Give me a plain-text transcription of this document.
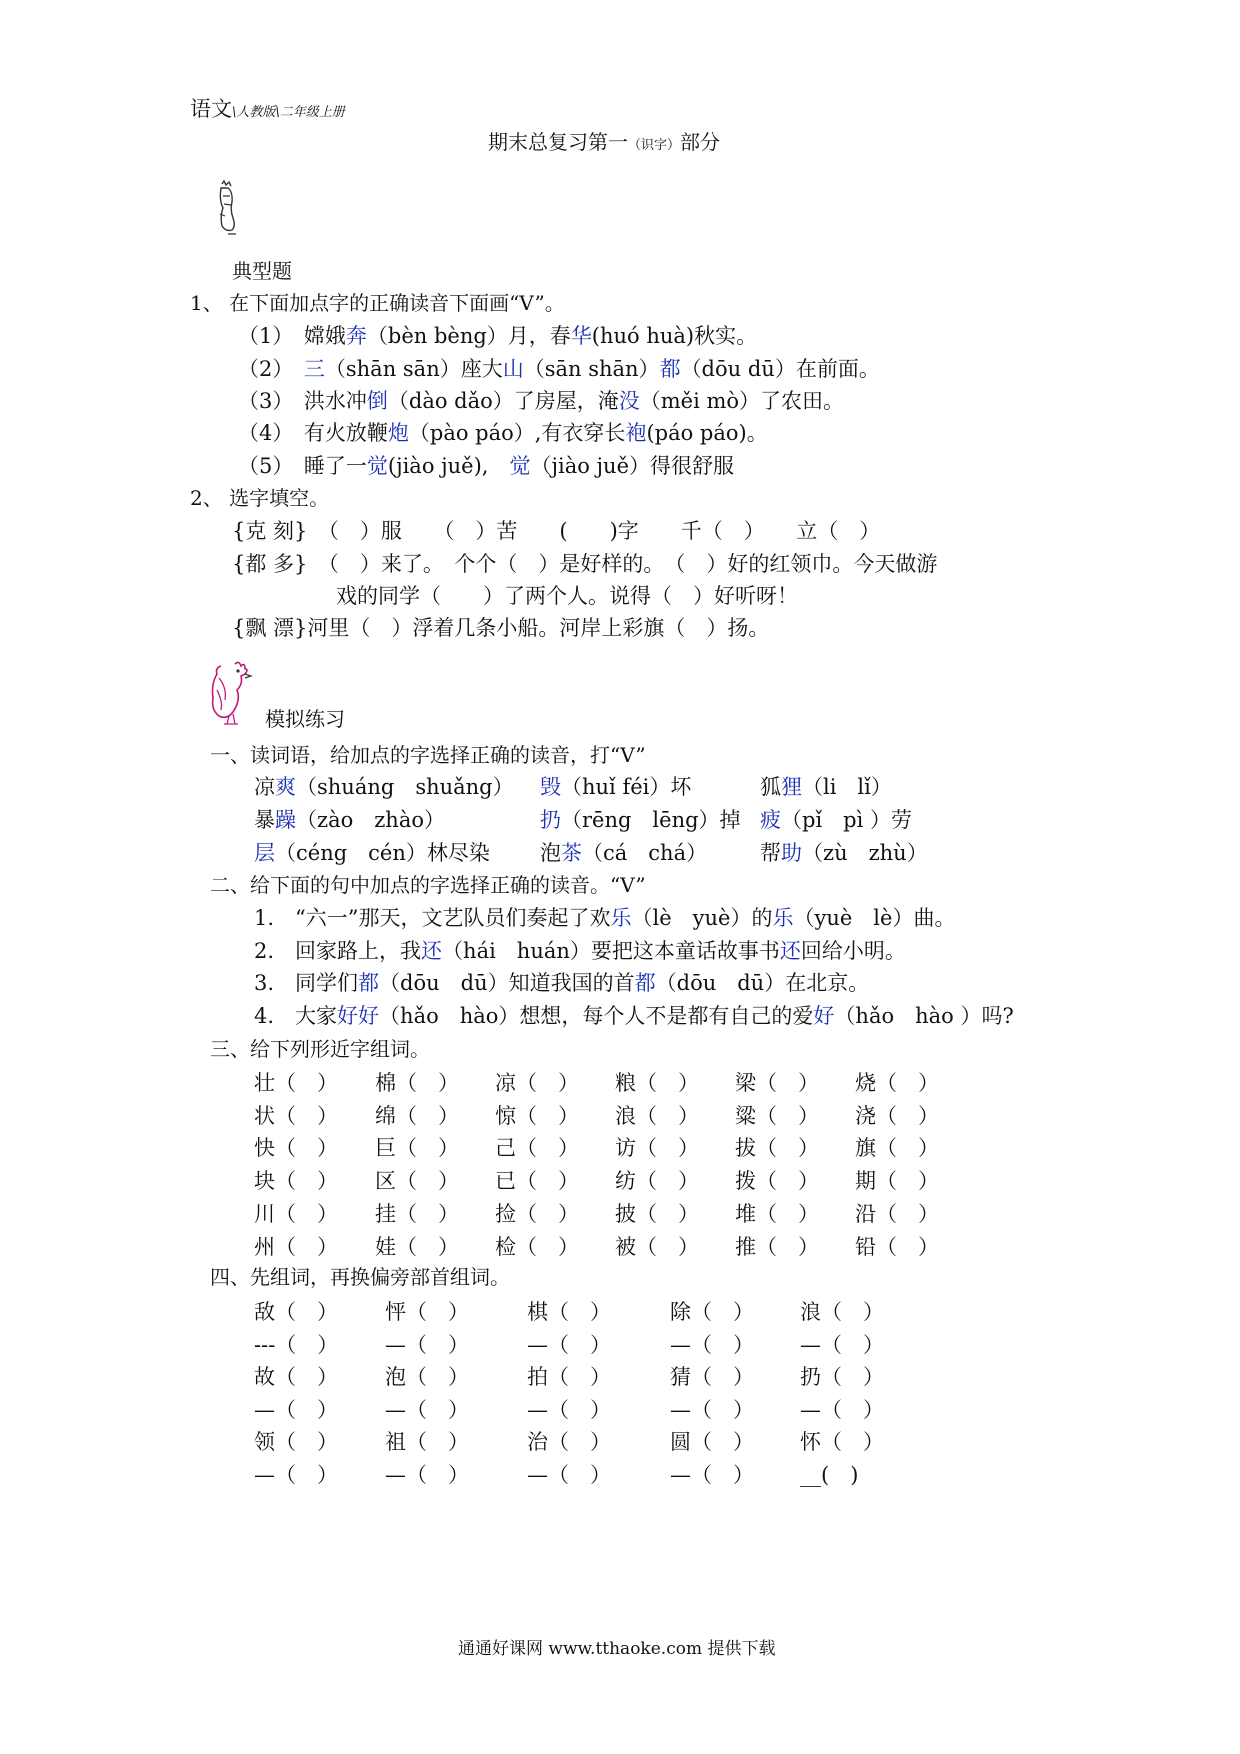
语文\人教版\二年级上册
期末总复习第一（识字）部分
典型题
1、 在下面加点字的正确读音下面画“V”。
（1）　嫦娥奔（bèn bèng）月，春华(huó huà)秋实。
（2）　 三（shān sān）座大山（sān shān）都（dōu dū）在前面。
（3）　洪水冲倒（dào dǎo）了房屋，淹没（měi mò）了农田。
（4）　有火放鞭炮（pào páo）,有衣穿长袍(páo páo)。
（5）　睡了一觉(jiào juě),　觉（jiào juě）得很舒服
2、 选字填空。
{克 刻}　（　）服　　（　）苦　　(　　)字　　千（　）　　立（　）
{都 多}　（　）来了。　个个（　）是好样的。　（　）好的红领巾。今天做游
戏的同学（　　）了两个人。说得（　）好听呀！
{飘 漂}河里（　）浮着几条小船。河岸上彩旗（　）扬。
模拟练习
一、读词语，给加点的字选择正确的读音，打“V”
凉爽（shuáng　shuǎng） 毁（huǐ féi）坏	狐狸（li　lǐ）
暴躁（zào　zhào）	扔（rēng　lēng）掉 疲（pǐ　pì ）劳
层（céng　cén）林尽染 泡茶（cá　chá）	帮助（zù　zhù）
二、给下面的句中加点的字选择正确的读音。“V”
1.　“六一”那天，文艺队员们奏起了欢乐（lè　yuè）的乐（yuè　lè）曲。
2.　回家路上，我还（hái　huán）要把这本童话故事书还回给小明。
3.　同学们都（dōu　dū）知道我国的首都（dōu　dū）在北京。
4.　大家好好（hǎo　hào）想想，每个人不是都有自己的爱好（hǎo　hào ）吗?
三、给下列形近字组词。
壮（　） 棉（　） 凉（　） 粮（　） 梁（　） 烧（　）
状（　） 绵（　） 惊（　） 浪（　） 粱（　） 浇（　）
快（　） 巨（　） 己（　） 访（　） 拔（　） 旗（　）
块（　） 区（　） 已（　） 纺（　） 拨（　） 期（　）
川（　） 挂（　） 捡（　） 披（　） 堆（　） 沿（　）
州（　） 娃（　） 检（　） 被（　） 推（　） 铅（　）
四、先组词，再换偏旁部首组词。
敌（　） 怦（　）	棋（　）	除（　） 浪（　）
---（　） —（　）	—（　）	—（　） —（　）
故（　） 泡（　）	拍（　）	猜（　） 扔（　）
—（　） —（　）	—（　）	—（　） —（　）
领（　） 祖（　）	治（　）	圆（　） 怀（　）
—（　） —（　）	—（　）	—（　） __(　)
通通好课网 www.tthaoke.com 提供下载
